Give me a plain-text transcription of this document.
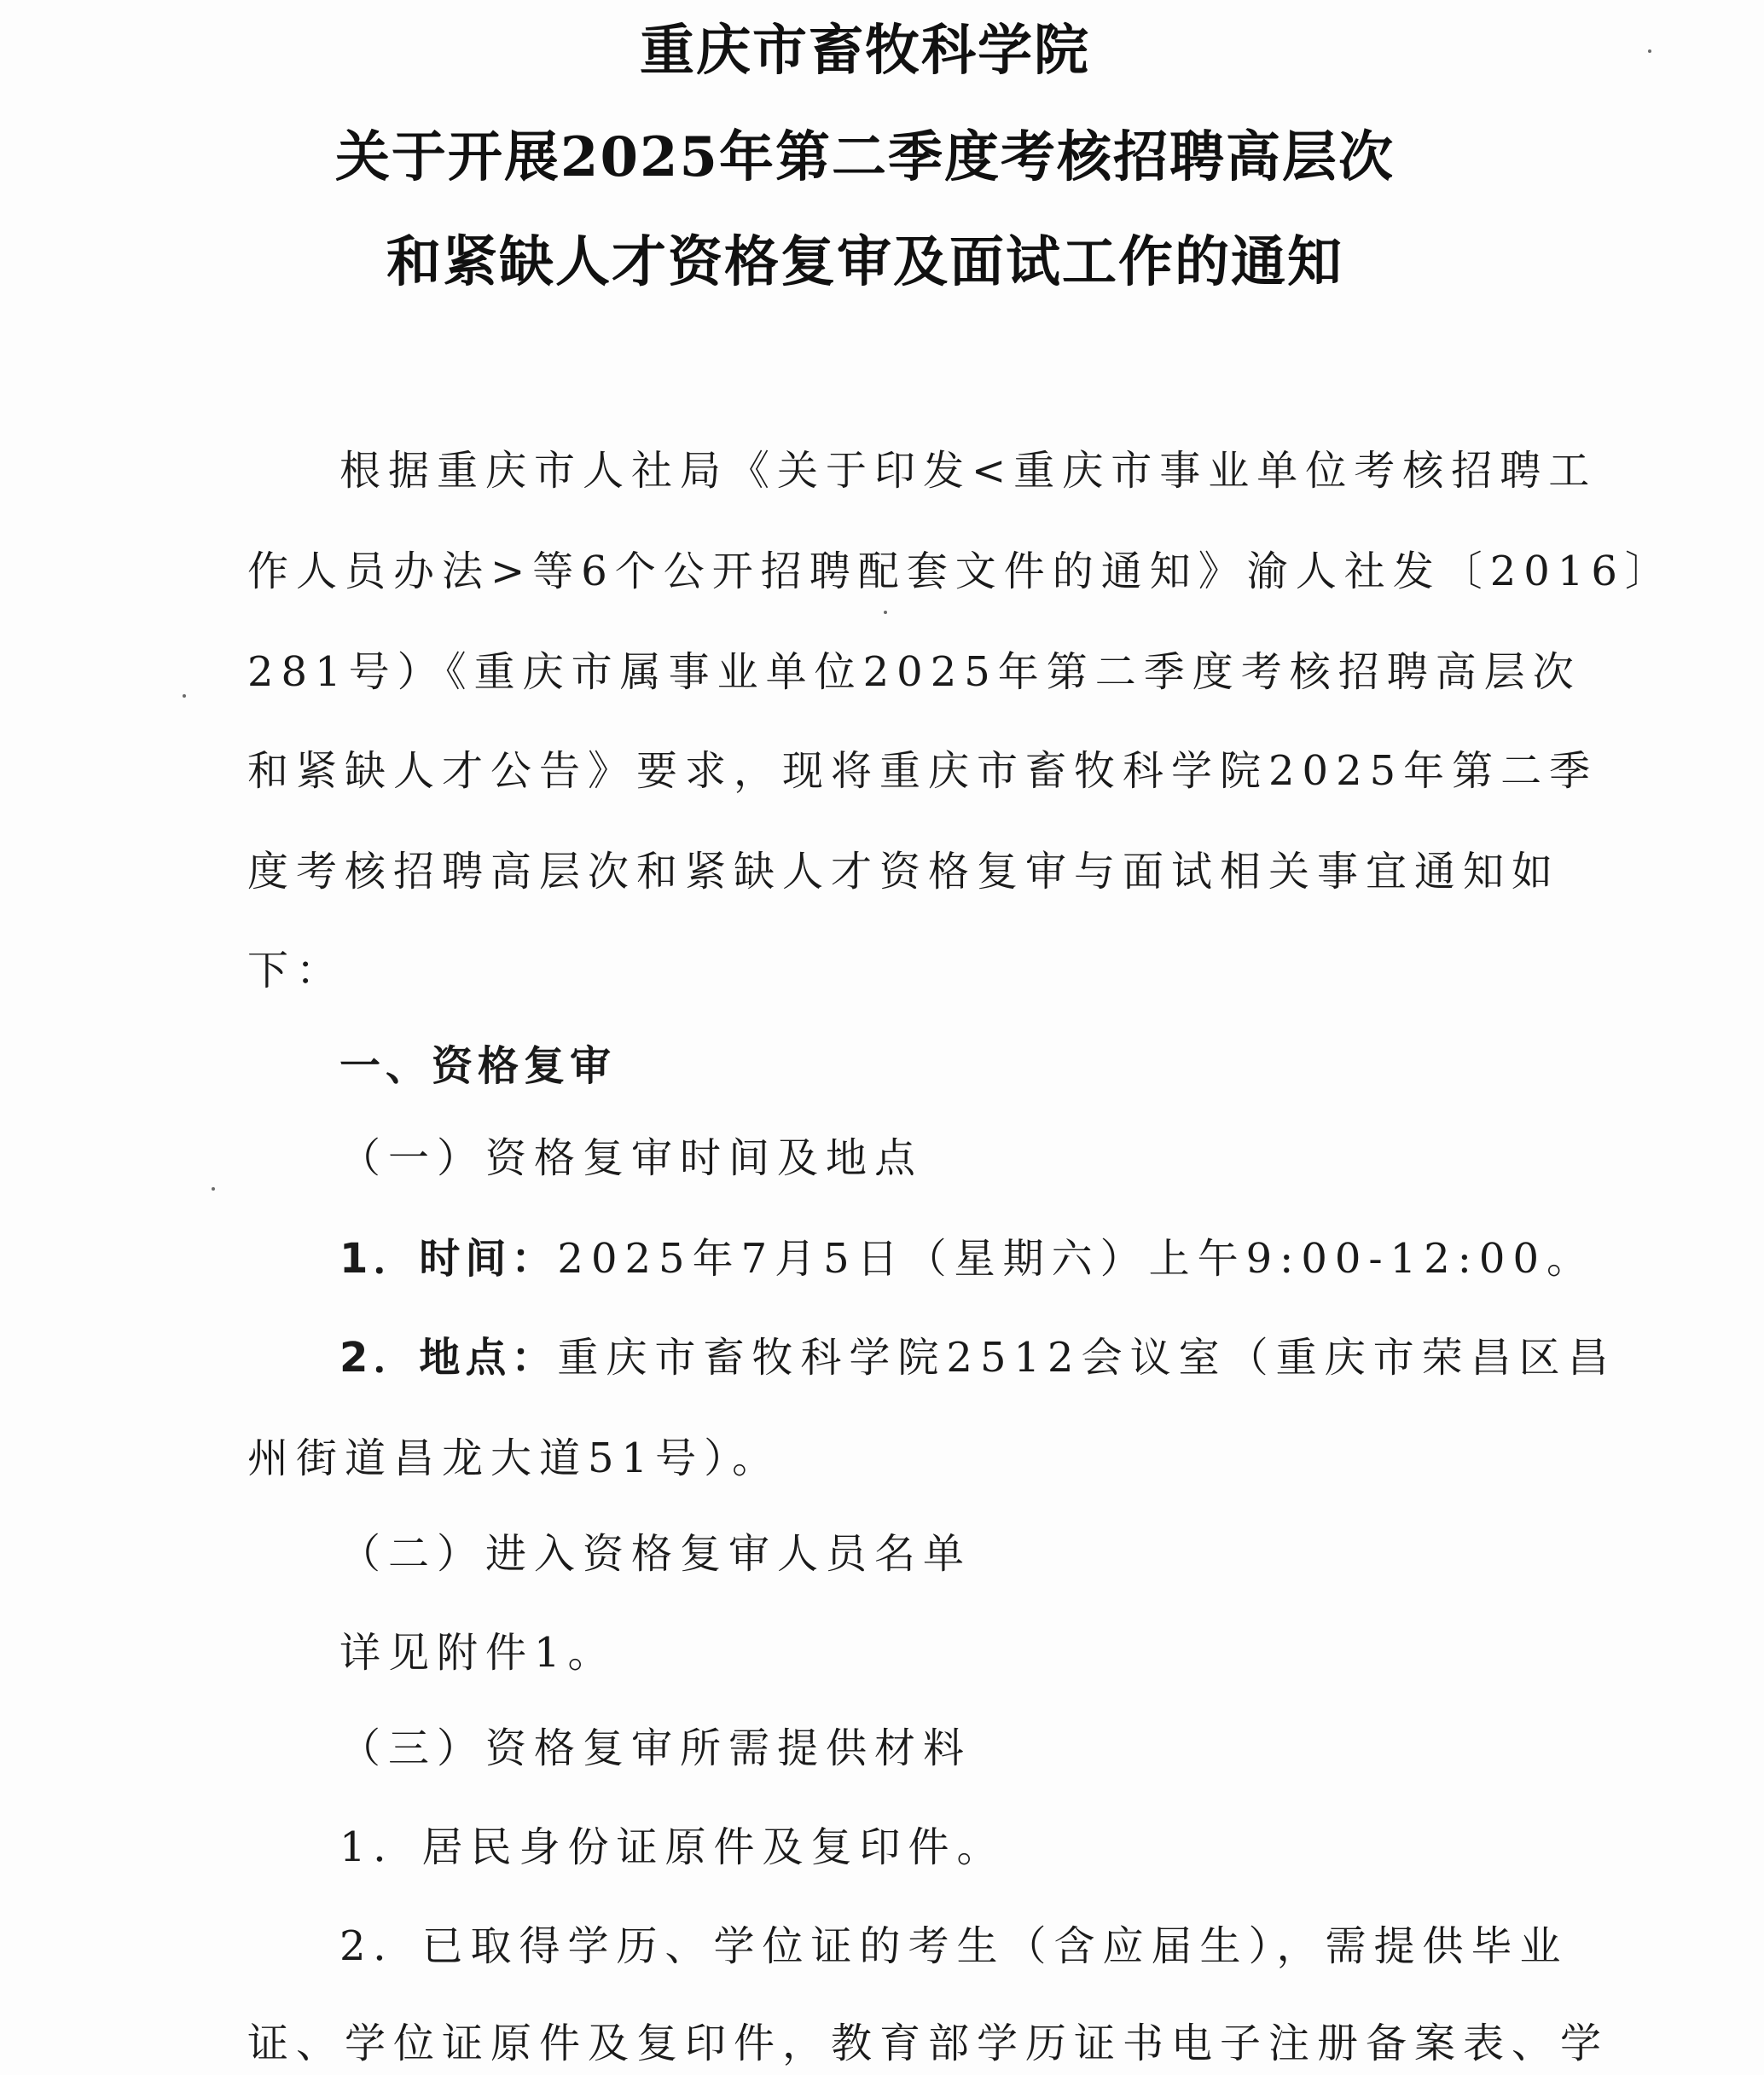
重庆市畜牧科学院
关于开展2025年第二季度考核招聘高层次
和紧缺人才资格复审及面试工作的通知
根据重庆市人社局《关于印发<重庆市事业单位考核招聘工
作人员办法>等6个公开招聘配套文件的通知》渝人社发〔2016〕
281号）《重庆市属事业单位2025年第二季度考核招聘高层次
和紧缺人才公告》要求，现将重庆市畜牧科学院2025年第二季
度考核招聘高层次和紧缺人才资格复审与面试相关事宜通知如
下：
一、资格复审
（一）资格复审时间及地点
1．时间：2025年7月5日（星期六）上午9:00-12:00。
2．地点：重庆市畜牧科学院2512会议室（重庆市荣昌区昌
州街道昌龙大道51号）。
（二）进入资格复审人员名单
详见附件1。
（三）资格复审所需提供材料
1．居民身份证原件及复印件。
2．已取得学历、学位证的考生（含应届生），需提供毕业
证、学位证原件及复印件，教育部学历证书电子注册备案表、学
